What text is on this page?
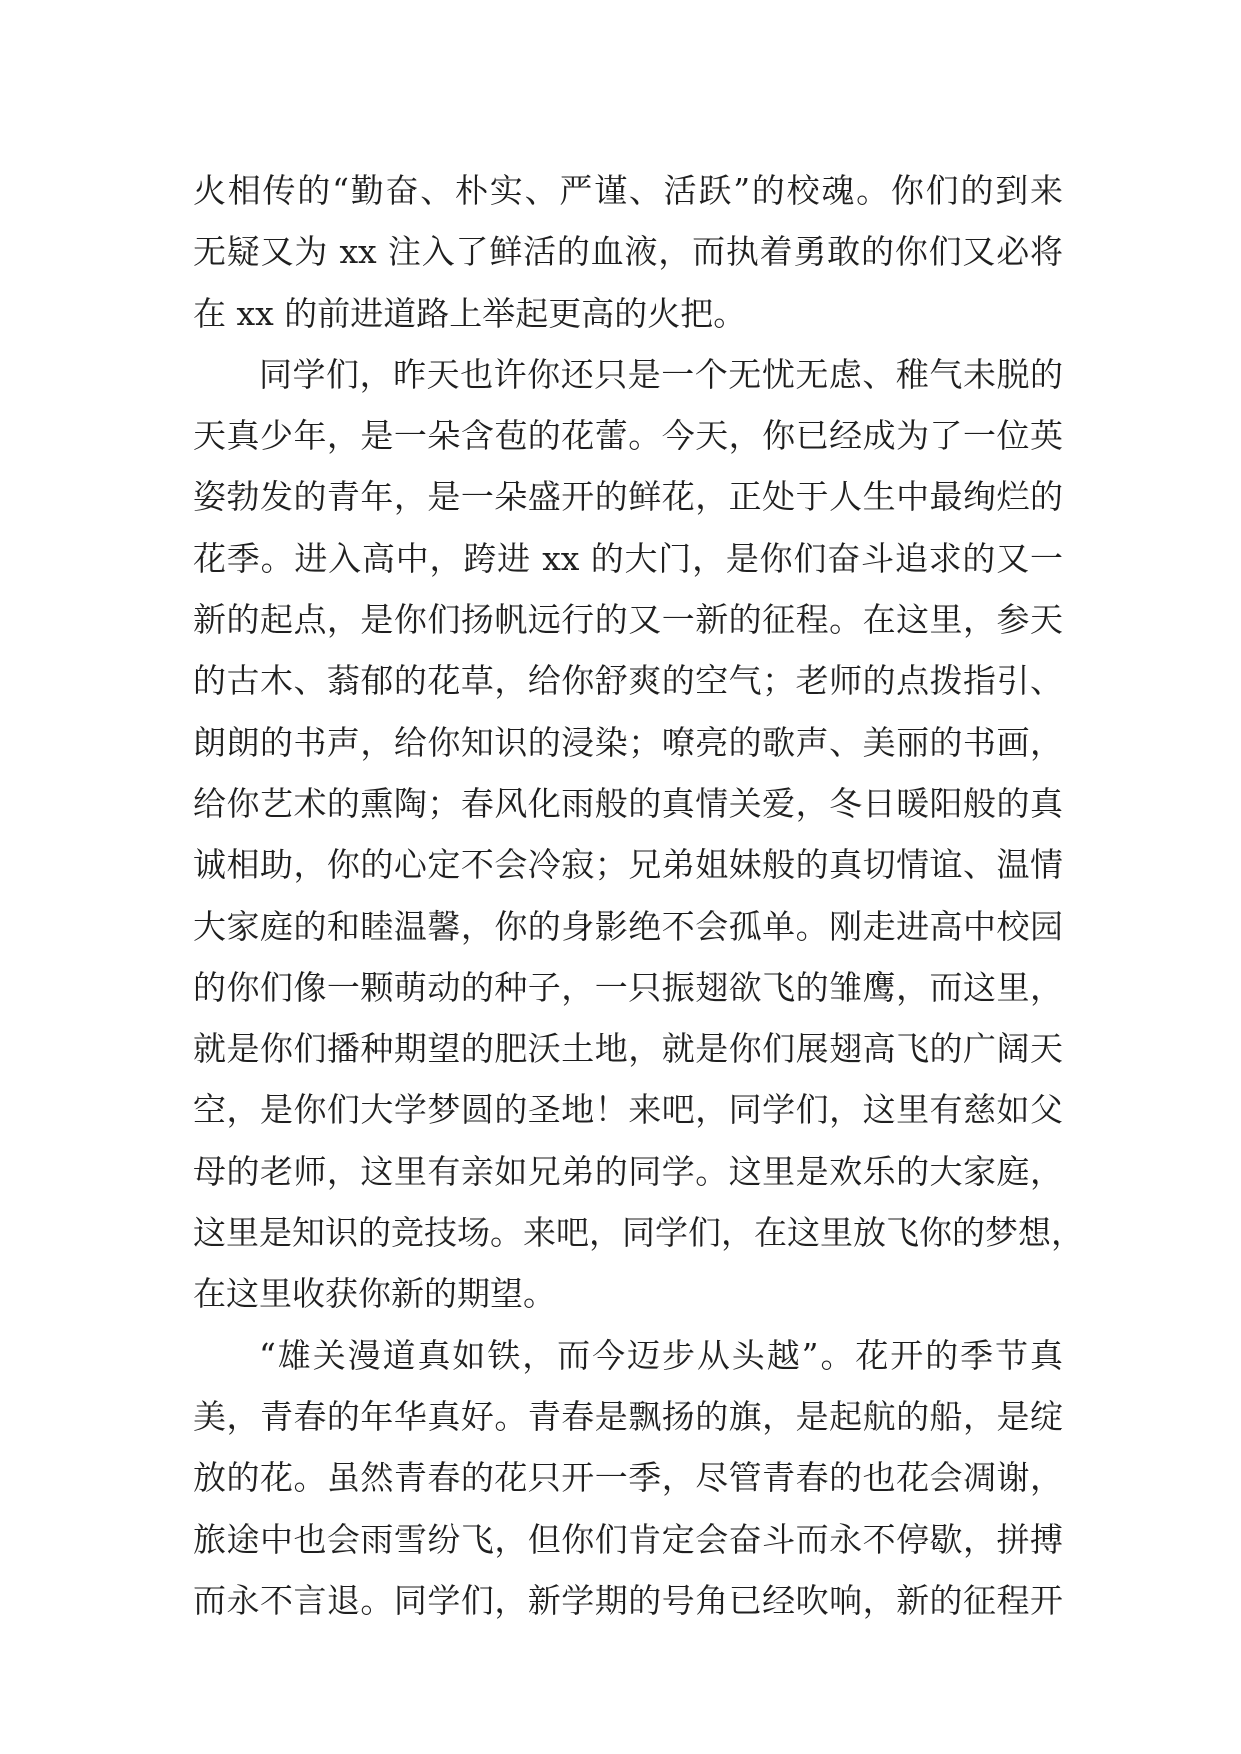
火相传的“勤奋、朴实、严谨、活跃”的校魂。你们的到来
无疑又为 xx 注入了鲜活的血液，而执着勇敢的你们又必将
在 xx 的前进道路上举起更高的火把。
同学们，昨天也许你还只是一个无忧无虑、稚气未脱的
天真少年，是一朵含苞的花蕾。今天，你已经成为了一位英
姿勃发的青年，是一朵盛开的鲜花，正处于人生中最绚烂的
花季。进入高中，跨进 xx 的大门，是你们奋斗追求的又一
新的起点，是你们扬帆远行的又一新的征程。在这里，参天
的古木、蓊郁的花草，给你舒爽的空气；老师的点拨指引、
朗朗的书声，给你知识的浸染；嘹亮的歌声、美丽的书画，
给你艺术的熏陶；春风化雨般的真情关爱，冬日暖阳般的真
诚相助，你的心定不会冷寂；兄弟姐妹般的真切情谊、温情
大家庭的和睦温馨，你的身影绝不会孤单。刚走进高中校园
的你们像一颗萌动的种子，一只振翅欲飞的雏鹰，而这里，
就是你们播种期望的肥沃土地，就是你们展翅高飞的广阔天
空，是你们大学梦圆的圣地！来吧，同学们，这里有慈如父
母的老师，这里有亲如兄弟的同学。这里是欢乐的大家庭，
这里是知识的竞技场。来吧，同学们，在这里放飞你的梦想，
在这里收获你新的期望。
“雄关漫道真如铁，而今迈步从头越”。花开的季节真
美，青春的年华真好。青春是飘扬的旗，是起航的船，是绽
放的花。虽然青春的花只开一季，尽管青春的也花会凋谢，
旅途中也会雨雪纷飞，但你们肯定会奋斗而永不停歇，拼搏
而永不言退。同学们，新学期的号角已经吹响，新的征程开
